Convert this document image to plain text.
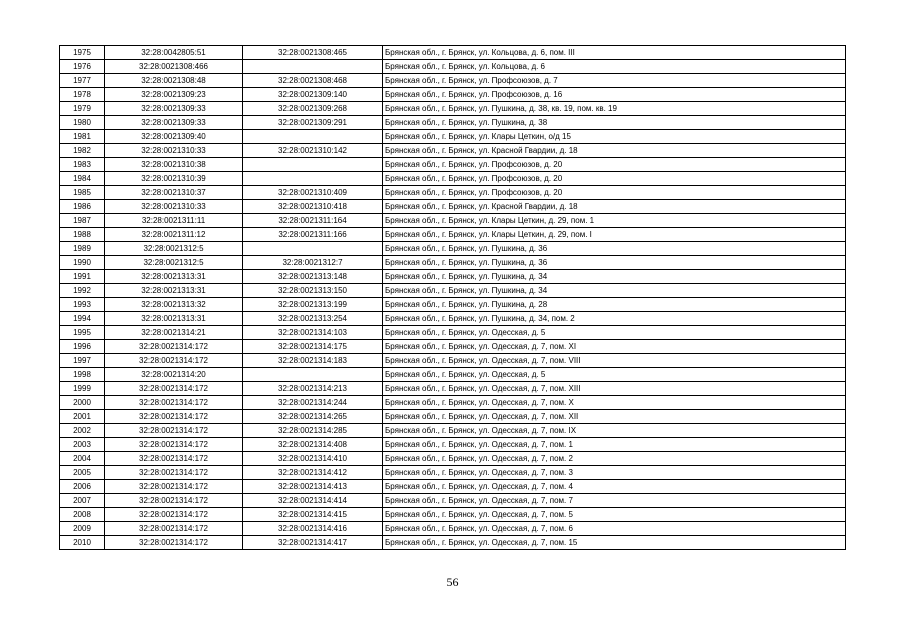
1975	32:28:0042805:51	32:28:0021308:465	Брянская обл., г. Брянск, ул. Кольцова, д. 6, пом. III
1976	32:28:0021308:466		Брянская обл., г. Брянск, ул. Кольцова, д. 6
1977	32:28:0021308:48	32:28:0021308:468	Брянская обл., г. Брянск, ул. Профсоюзов, д. 7
1978	32:28:0021309:23	32:28:0021309:140	Брянская обл., г. Брянск, ул. Профсоюзов, д. 16
1979	32:28:0021309:33	32:28:0021309:268	Брянская обл., г. Брянск, ул. Пушкина, д. 38, кв. 19, пом. кв. 19
1980	32:28:0021309:33	32:28:0021309:291	Брянская обл., г. Брянск, ул. Пушкина, д. 38
1981	32:28:0021309:40		Брянская обл., г. Брянск, ул. Клары Цеткин, о/д 15
1982	32:28:0021310:33	32:28:0021310:142	Брянская обл., г. Брянск, ул. Красной Гвардии, д. 18
1983	32:28:0021310:38		Брянская обл., г. Брянск, ул. Профсоюзов, д. 20
1984	32:28:0021310:39		Брянская обл., г. Брянск, ул. Профсоюзов, д. 20
1985	32:28:0021310:37	32:28:0021310:409	Брянская обл., г. Брянск, ул. Профсоюзов, д. 20
1986	32:28:0021310:33	32:28:0021310:418	Брянская обл., г. Брянск, ул. Красной Гвардии, д. 18
1987	32:28:0021311:11	32:28:0021311:164	Брянская обл., г. Брянск, ул. Клары Цеткин, д. 29, пом. 1
1988	32:28:0021311:12	32:28:0021311:166	Брянская обл., г. Брянск, ул. Клары Цеткин, д. 29, пом. I
1989	32:28:0021312:5		Брянская обл., г. Брянск, ул. Пушкина, д. 36
1990	32:28:0021312:5	32:28:0021312:7	Брянская обл., г. Брянск, ул. Пушкина, д. 36
1991	32:28:0021313:31	32:28:0021313:148	Брянская обл., г. Брянск, ул. Пушкина, д. 34
1992	32:28:0021313:31	32:28:0021313:150	Брянская обл., г. Брянск, ул. Пушкина, д. 34
1993	32:28:0021313:32	32:28:0021313:199	Брянская обл., г. Брянск, ул. Пушкина, д. 28
1994	32:28:0021313:31	32:28:0021313:254	Брянская обл., г. Брянск, ул. Пушкина, д. 34, пом. 2
1995	32:28:0021314:21	32:28:0021314:103	Брянская обл., г. Брянск, ул. Одесская, д. 5
1996	32:28:0021314:172	32:28:0021314:175	Брянская обл., г. Брянск, ул. Одесская, д. 7, пом. XI
1997	32:28:0021314:172	32:28:0021314:183	Брянская обл., г. Брянск, ул. Одесская, д. 7, пом. VIII
1998	32:28:0021314:20		Брянская обл., г. Брянск, ул. Одесская, д. 5
1999	32:28:0021314:172	32:28:0021314:213	Брянская обл., г. Брянск, ул. Одесская, д. 7, пом. XIII
2000	32:28:0021314:172	32:28:0021314:244	Брянская обл., г. Брянск, ул. Одесская, д. 7, пом. X
2001	32:28:0021314:172	32:28:0021314:265	Брянская обл., г. Брянск, ул. Одесская, д. 7, пом. XII
2002	32:28:0021314:172	32:28:0021314:285	Брянская обл., г. Брянск, ул. Одесская, д. 7, пом. IX
2003	32:28:0021314:172	32:28:0021314:408	Брянская обл., г. Брянск, ул. Одесская, д. 7, пом. 1
2004	32:28:0021314:172	32:28:0021314:410	Брянская обл., г. Брянск, ул. Одесская, д. 7, пом. 2
2005	32:28:0021314:172	32:28:0021314:412	Брянская обл., г. Брянск, ул. Одесская, д. 7, пом. 3
2006	32:28:0021314:172	32:28:0021314:413	Брянская обл., г. Брянск, ул. Одесская, д. 7, пом. 4
2007	32:28:0021314:172	32:28:0021314:414	Брянская обл., г. Брянск, ул. Одесская, д. 7, пом. 7
2008	32:28:0021314:172	32:28:0021314:415	Брянская обл., г. Брянск, ул. Одесская, д. 7, пом. 5
2009	32:28:0021314:172	32:28:0021314:416	Брянская обл., г. Брянск, ул. Одесская, д. 7, пом. 6
2010	32:28:0021314:172	32:28:0021314:417	Брянская обл., г. Брянск, ул. Одесская, д. 7, пом. 15
56
